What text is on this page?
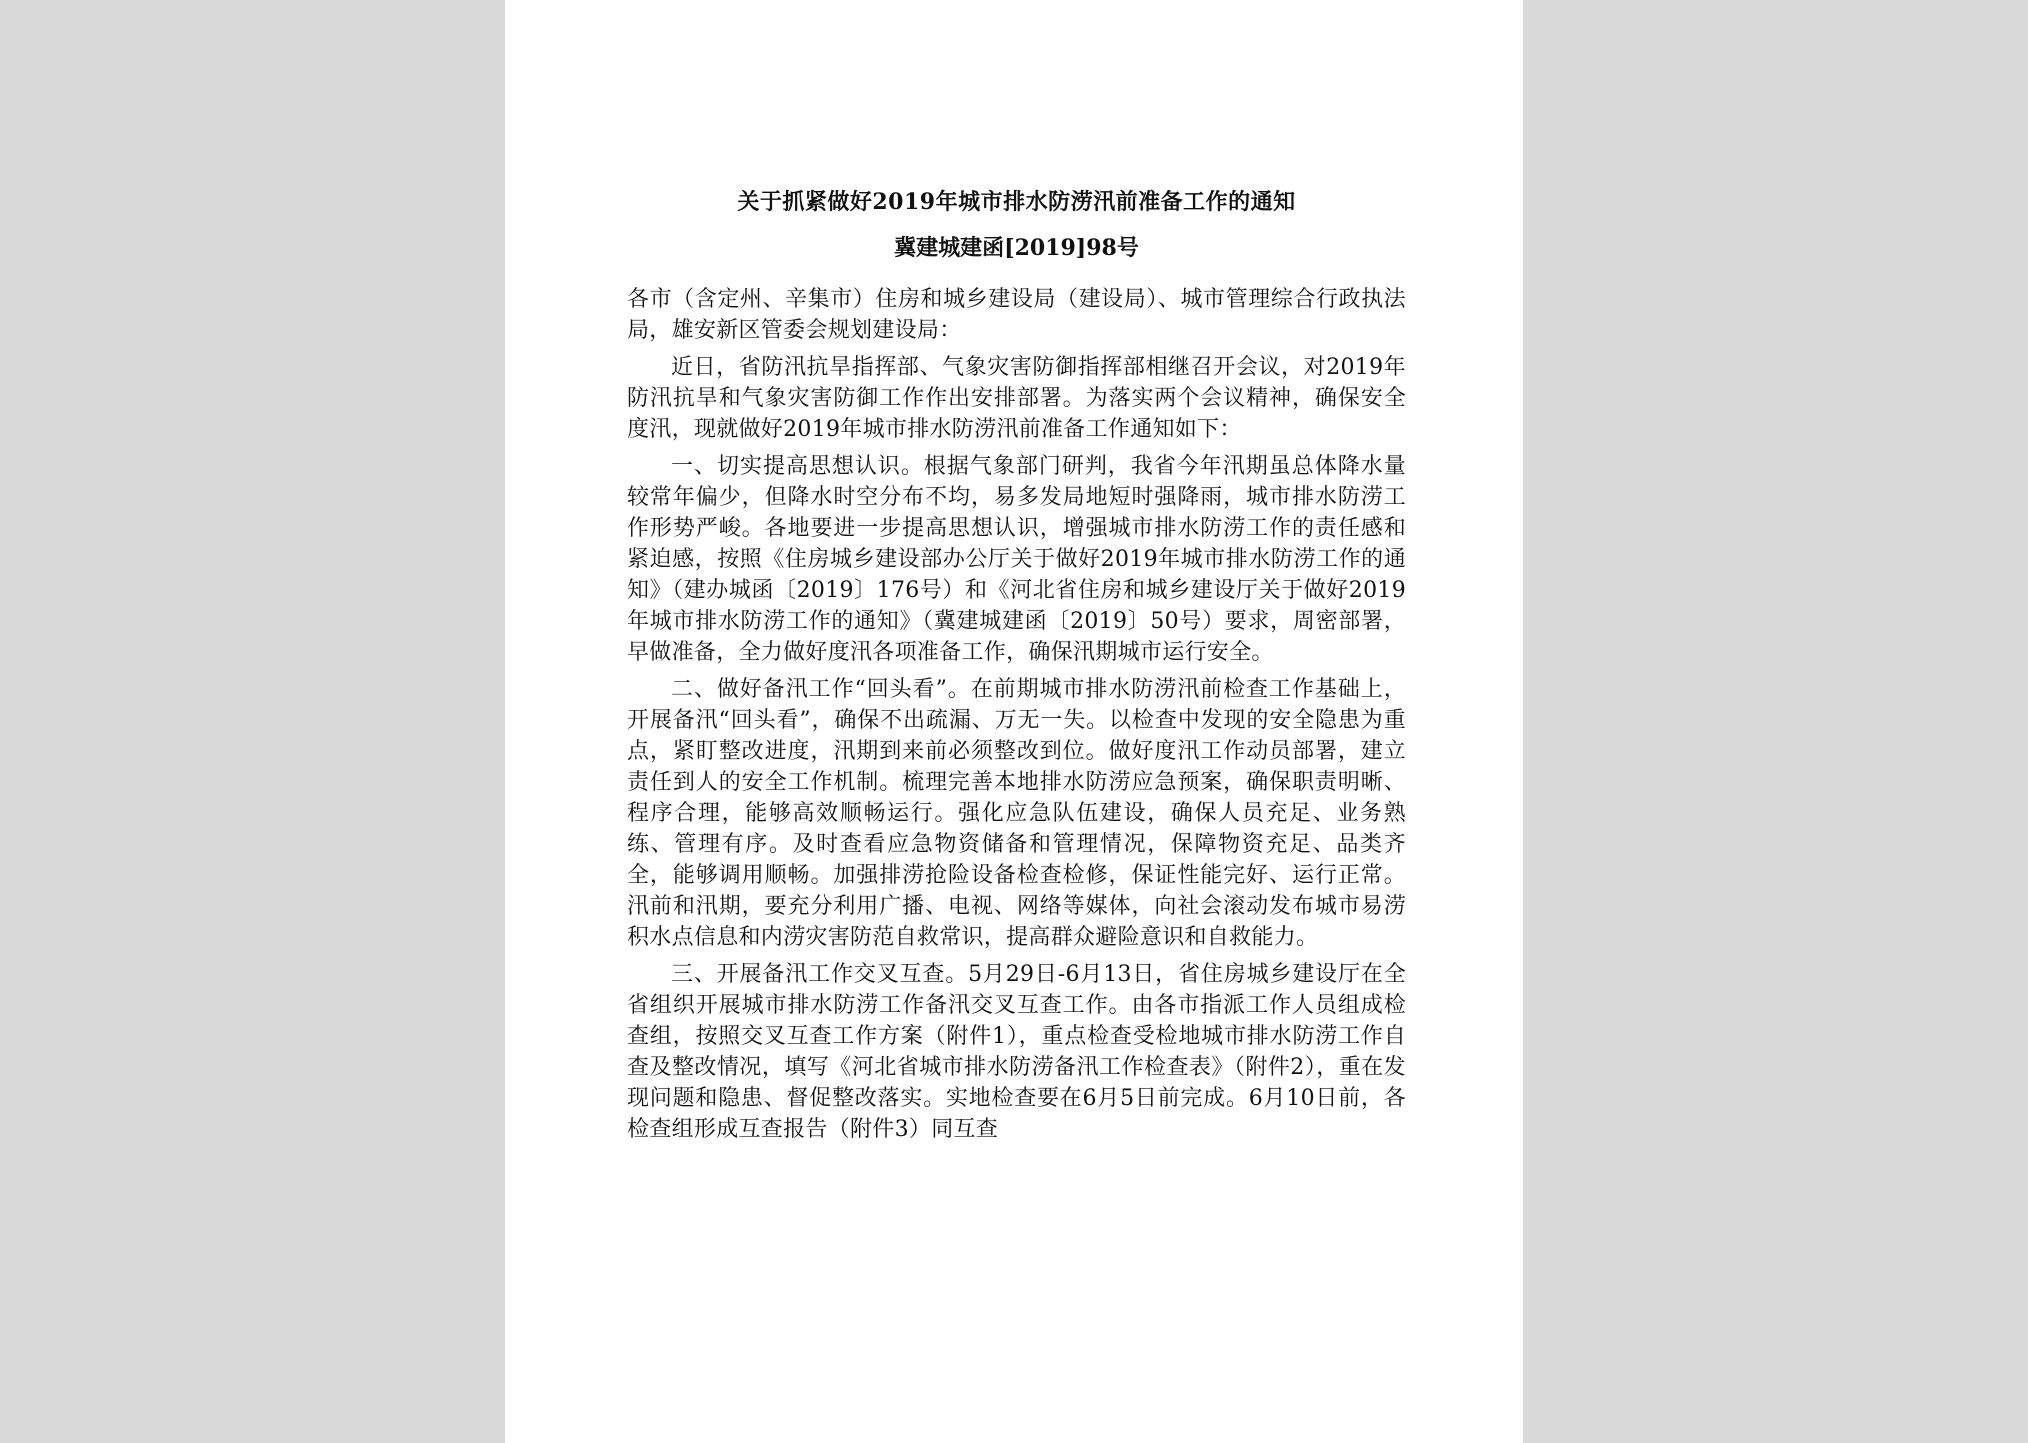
关于抓紧做好2019年城市排水防涝汛前准备工作的通知
冀建城建函[2019]98号

各市（含定州、辛集市）住房和城乡建设局（建设局）、城市管理综合行政执法局，雄安新区管委会规划建设局：

近日，省防汛抗旱指挥部、气象灾害防御指挥部相继召开会议，对2019年防汛抗旱和气象灾害防御工作作出安排部署。为落实两个会议精神，确保安全度汛，现就做好2019年城市排水防涝汛前准备工作通知如下：

一、切实提高思想认识。根据气象部门研判，我省今年汛期虽总体降水量较常年偏少，但降水时空分布不均，易多发局地短时强降雨，城市排水防涝工作形势严峻。各地要进一步提高思想认识，增强城市排水防涝工作的责任感和紧迫感，按照《住房城乡建设部办公厅关于做好2019年城市排水防涝工作的通知》（建办城函〔2019〕176号）和《河北省住房和城乡建设厅关于做好2019年城市排水防涝工作的通知》（冀建城建函〔2019〕50号）要求，周密部署，早做准备，全力做好度汛各项准备工作，确保汛期城市运行安全。

二、做好备汛工作“回头看”。在前期城市排水防涝汛前检查工作基础上，开展备汛“回头看”，确保不出疏漏、万无一失。以检查中发现的安全隐患为重点，紧盯整改进度，汛期到来前必须整改到位。做好度汛工作动员部署，建立责任到人的安全工作机制。梳理完善本地排水防涝应急预案，确保职责明晰、程序合理，能够高效顺畅运行。强化应急队伍建设，确保人员充足、业务熟练、管理有序。及时查看应急物资储备和管理情况，保障物资充足、品类齐全，能够调用顺畅。加强排涝抢险设备检查检修，保证性能完好、运行正常。汛前和汛期，要充分利用广播、电视、网络等媒体，向社会滚动发布城市易涝积水点信息和内涝灾害防范自救常识，提高群众避险意识和自救能力。

三、开展备汛工作交叉互查。5月29日-6月13日，省住房城乡建设厅在全省组织开展城市排水防涝工作备汛交叉互查工作。由各市指派工作人员组成检查组，按照交叉互查工作方案（附件1），重点检查受检地城市排水防涝工作自查及整改情况，填写《河北省城市排水防涝备汛工作检查表》（附件2），重在发现问题和隐患、督促整改落实。实地检查要在6月5日前完成。6月10日前，各检查组形成互查报告（附件3）同互查
